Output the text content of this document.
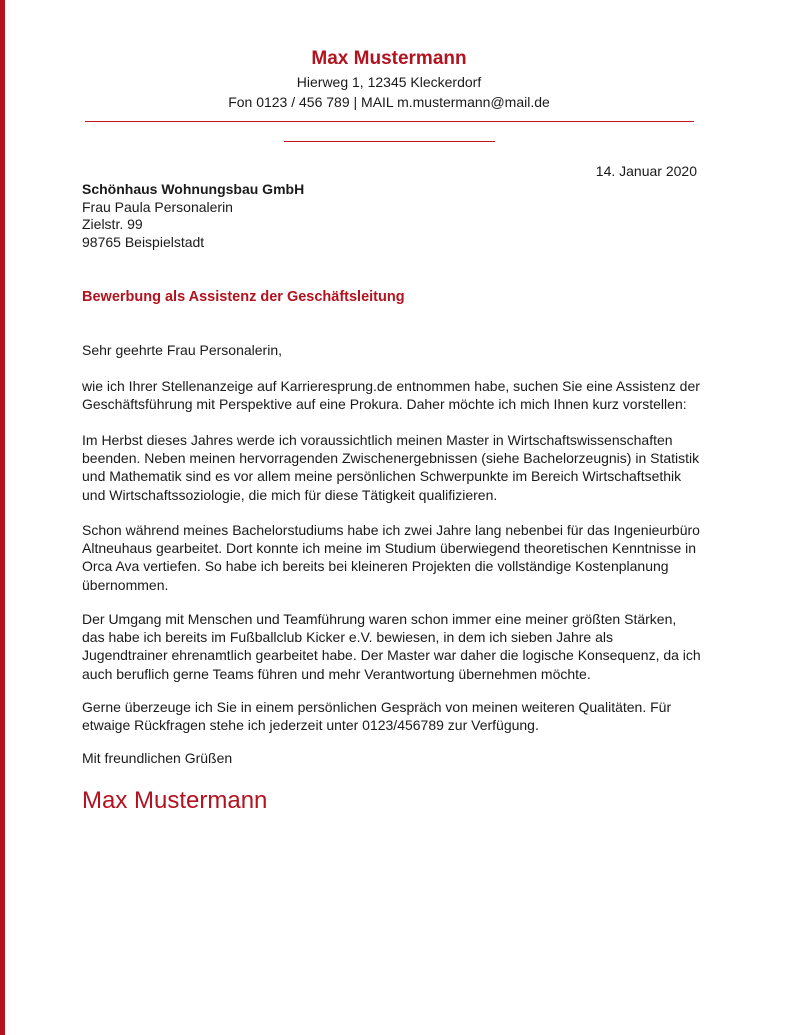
Max Mustermann
Hierweg 1, 12345 Kleckerdorf
Fon 0123 / 456 789 | MAIL m.mustermann@mail.de
14. Januar 2020
Schönhaus Wohnungsbau GmbH
Frau Paula Personalerin
Zielstr. 99
98765 Beispielstadt
Bewerbung als Assistenz der Geschäftsleitung

Sehr geehrte Frau Personalerin,

wie ich Ihrer Stellenanzeige auf Karrieresprung.de entnommen habe, suchen Sie eine Assistenz der Geschäftsführung mit Perspektive auf eine Prokura. Daher möchte ich mich Ihnen kurz vorstellen:

Im Herbst dieses Jahres werde ich voraussichtlich meinen Master in Wirtschaftswissenschaften beenden. Neben meinen hervorragenden Zwischenergebnissen (siehe Bachelorzeugnis) in Statistik und Mathematik sind es vor allem meine persönlichen Schwerpunkte im Bereich Wirtschaftsethik und Wirtschaftssoziologie, die mich für diese Tätigkeit qualifizieren.

Schon während meines Bachelorstudiums habe ich zwei Jahre lang nebenbei für das Ingenieurbüro Altneuhaus gearbeitet. Dort konnte ich meine im Studium überwiegend theoretischen Kenntnisse in Orca Ava vertiefen. So habe ich bereits bei kleineren Projekten die vollständige Kostenplanung übernommen.

Der Umgang mit Menschen und Teamführung waren schon immer eine meiner größten Stärken, das habe ich bereits im Fußballclub Kicker e.V. bewiesen, in dem ich sieben Jahre als Jugendtrainer ehrenamtlich gearbeitet habe. Der Master war daher die logische Konsequenz, da ich auch beruflich gerne Teams führen und mehr Verantwortung übernehmen möchte.

Gerne überzeuge ich Sie in einem persönlichen Gespräch von meinen weiteren Qualitäten. Für etwaige Rückfragen stehe ich jederzeit unter 0123/456789 zur Verfügung.

Mit freundlichen Grüßen

Max Mustermann
